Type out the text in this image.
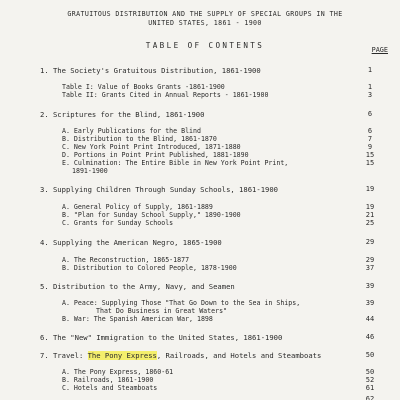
GRATUITOUS DISTRIBUTION AND THE SUPPLY OF SPECIAL GROUPS IN THE
UNITED STATES, 1861 - 1900
TABLE OF CONTENTS	PAGE
1. The Society's Gratuitous Distribution, 1861-1900	1
Table I: Value of Books Grants -1861-1900	1
Table II: Grants Cited in Annual Reports - 1861-1900	3
2. Scriptures for the Blind, 1861-1900	6
A. Early Publications for the Blind	6
B. Distribution to the Blind, 1861-1870	7
C. New York Point Print Introduced, 1871-1880	9
D. Portions in Point Print Published, 1881-1890	15
E. Culmination: The Entire Bible in New York Point Print,	15
1891-1900
3. Supplying Children Through Sunday Schools, 1861-1900	19
A. General Policy of Supply, 1861-1889	19
B. "Plan for Sunday School Supply," 1890-1900	21
C. Grants for Sunday Schools	25
4. Supplying the American Negro, 1865-1900	29
A. The Reconstruction, 1865-1877	29
B. Distribution to Colored People, 1878-1900	37
5. Distribution to the Army, Navy, and Seamen	39
A. Peace: Supplying Those "That Go Down to the Sea in Ships,	39
That Do Business in Great Waters"
B. War: The Spanish American War, 1898	44
6. The "New" Immigration to the United States, 1861-1900	46
7. Travel: The Pony Express, Railroads, and Hotels and Steamboats	50
A. The Pony Express, 1860-61	50
B. Railroads, 1861-1900	52
C. Hotels and Steamboats	61
62
